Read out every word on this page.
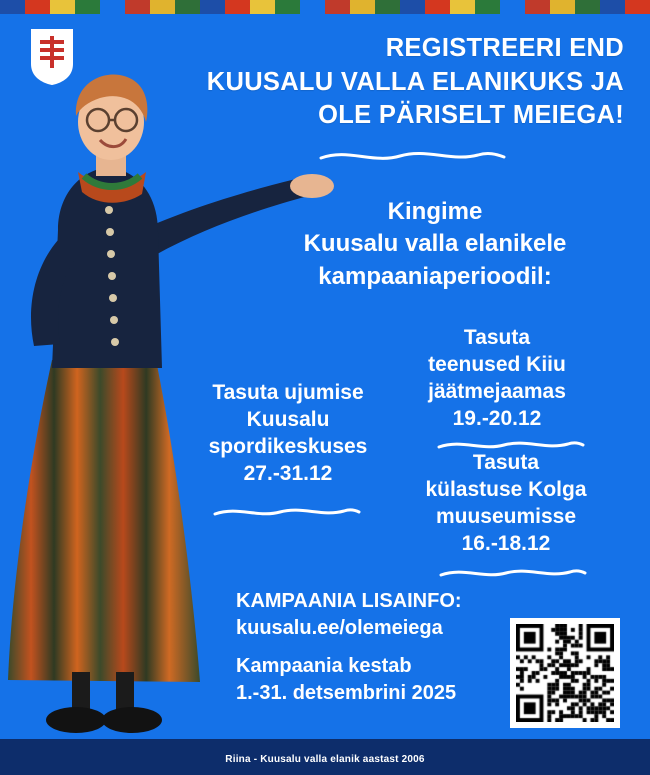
REGISTREERI END
KUUSALU VALLA ELANIKUKS JA
OLE PÄRISELT MEIEGA!
Kingime
Kuusalu valla elanikele
kampaaniaperioodil:
Tasuta
teenused Kiiu
jäätmejaamas
19.-20.12
Tasuta ujumise
Kuusalu
spordikeskuses
27.-31.12	Tasuta
külastuse Kolga
muuseumisse
16.-18.12
KAMPAANIA LISAINFO:
kuusalu.ee/olemeiega
Kampaania kestab
1.-31. detsembrini 2025
Riina - Kuusalu valla elanik aastast 2006
